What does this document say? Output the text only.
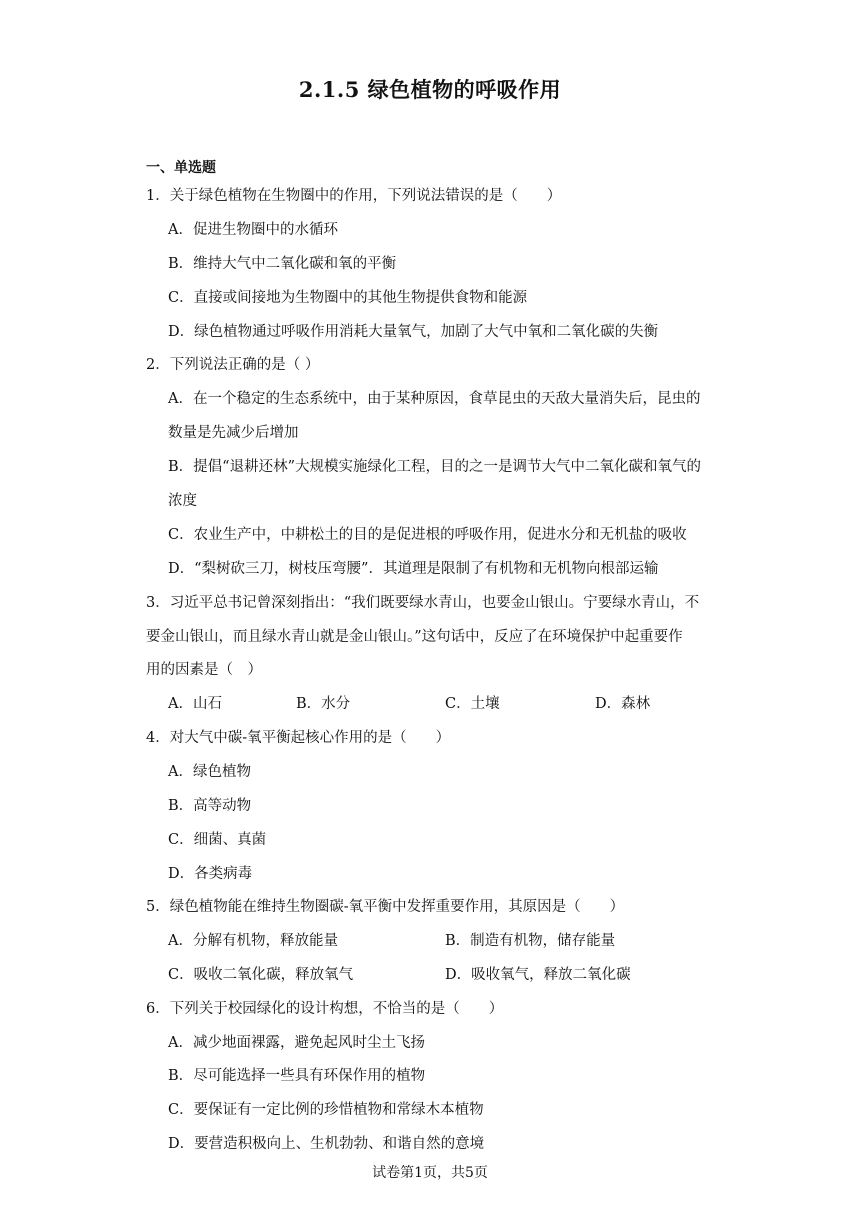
2.1.5 绿色植物的呼吸作用
一、单选题
1．关于绿色植物在生物圈中的作用，下列说法错误的是（　　）
A．促进生物圈中的水循环
B．维持大气中二氧化碳和氧的平衡
C．直接或间接地为生物圈中的其他生物提供食物和能源
D．绿色植物通过呼吸作用消耗大量氧气，加剧了大气中氧和二氧化碳的失衡
2．下列说法正确的是（ ）
A．在一个稳定的生态系统中，由于某种原因，食草昆虫的天敌大量消失后，昆虫的
数量是先减少后增加
B．提倡“退耕还林”大规模实施绿化工程，目的之一是调节大气中二氧化碳和氧气的
浓度
C．农业生产中，中耕松土的目的是促进根的呼吸作用，促进水分和无机盐的吸收
D．“梨树砍三刀，树枝压弯腰”．其道理是限制了有机物和无机物向根部运输
3．习近平总书记曾深刻指出：“我们既要绿水青山，也要金山银山。宁要绿水青山，不
要金山银山，而且绿水青山就是金山银山。”这句话中，反应了在环境保护中起重要作
用的因素是（　）
A．山石	B．水分	C．土壤	D．森林
4．对大气中碳-氧平衡起核心作用的是（　　）
A．绿色植物
B．高等动物
C．细菌、真菌
D．各类病毒
5．绿色植物能在维持生物圈碳-氧平衡中发挥重要作用，其原因是（　　）
A．分解有机物，释放能量	B．制造有机物，储存能量
C．吸收二氧化碳，释放氧气	D．吸收氧气，释放二氧化碳
6．下列关于校园绿化的设计构想，不恰当的是（　　）
A．减少地面裸露，避免起风时尘土飞扬
B．尽可能选择一些具有环保作用的植物
C．要保证有一定比例的珍惜植物和常绿木本植物
D．要营造积极向上、生机勃勃、和谐自然的意境
试卷第1页，共5页
